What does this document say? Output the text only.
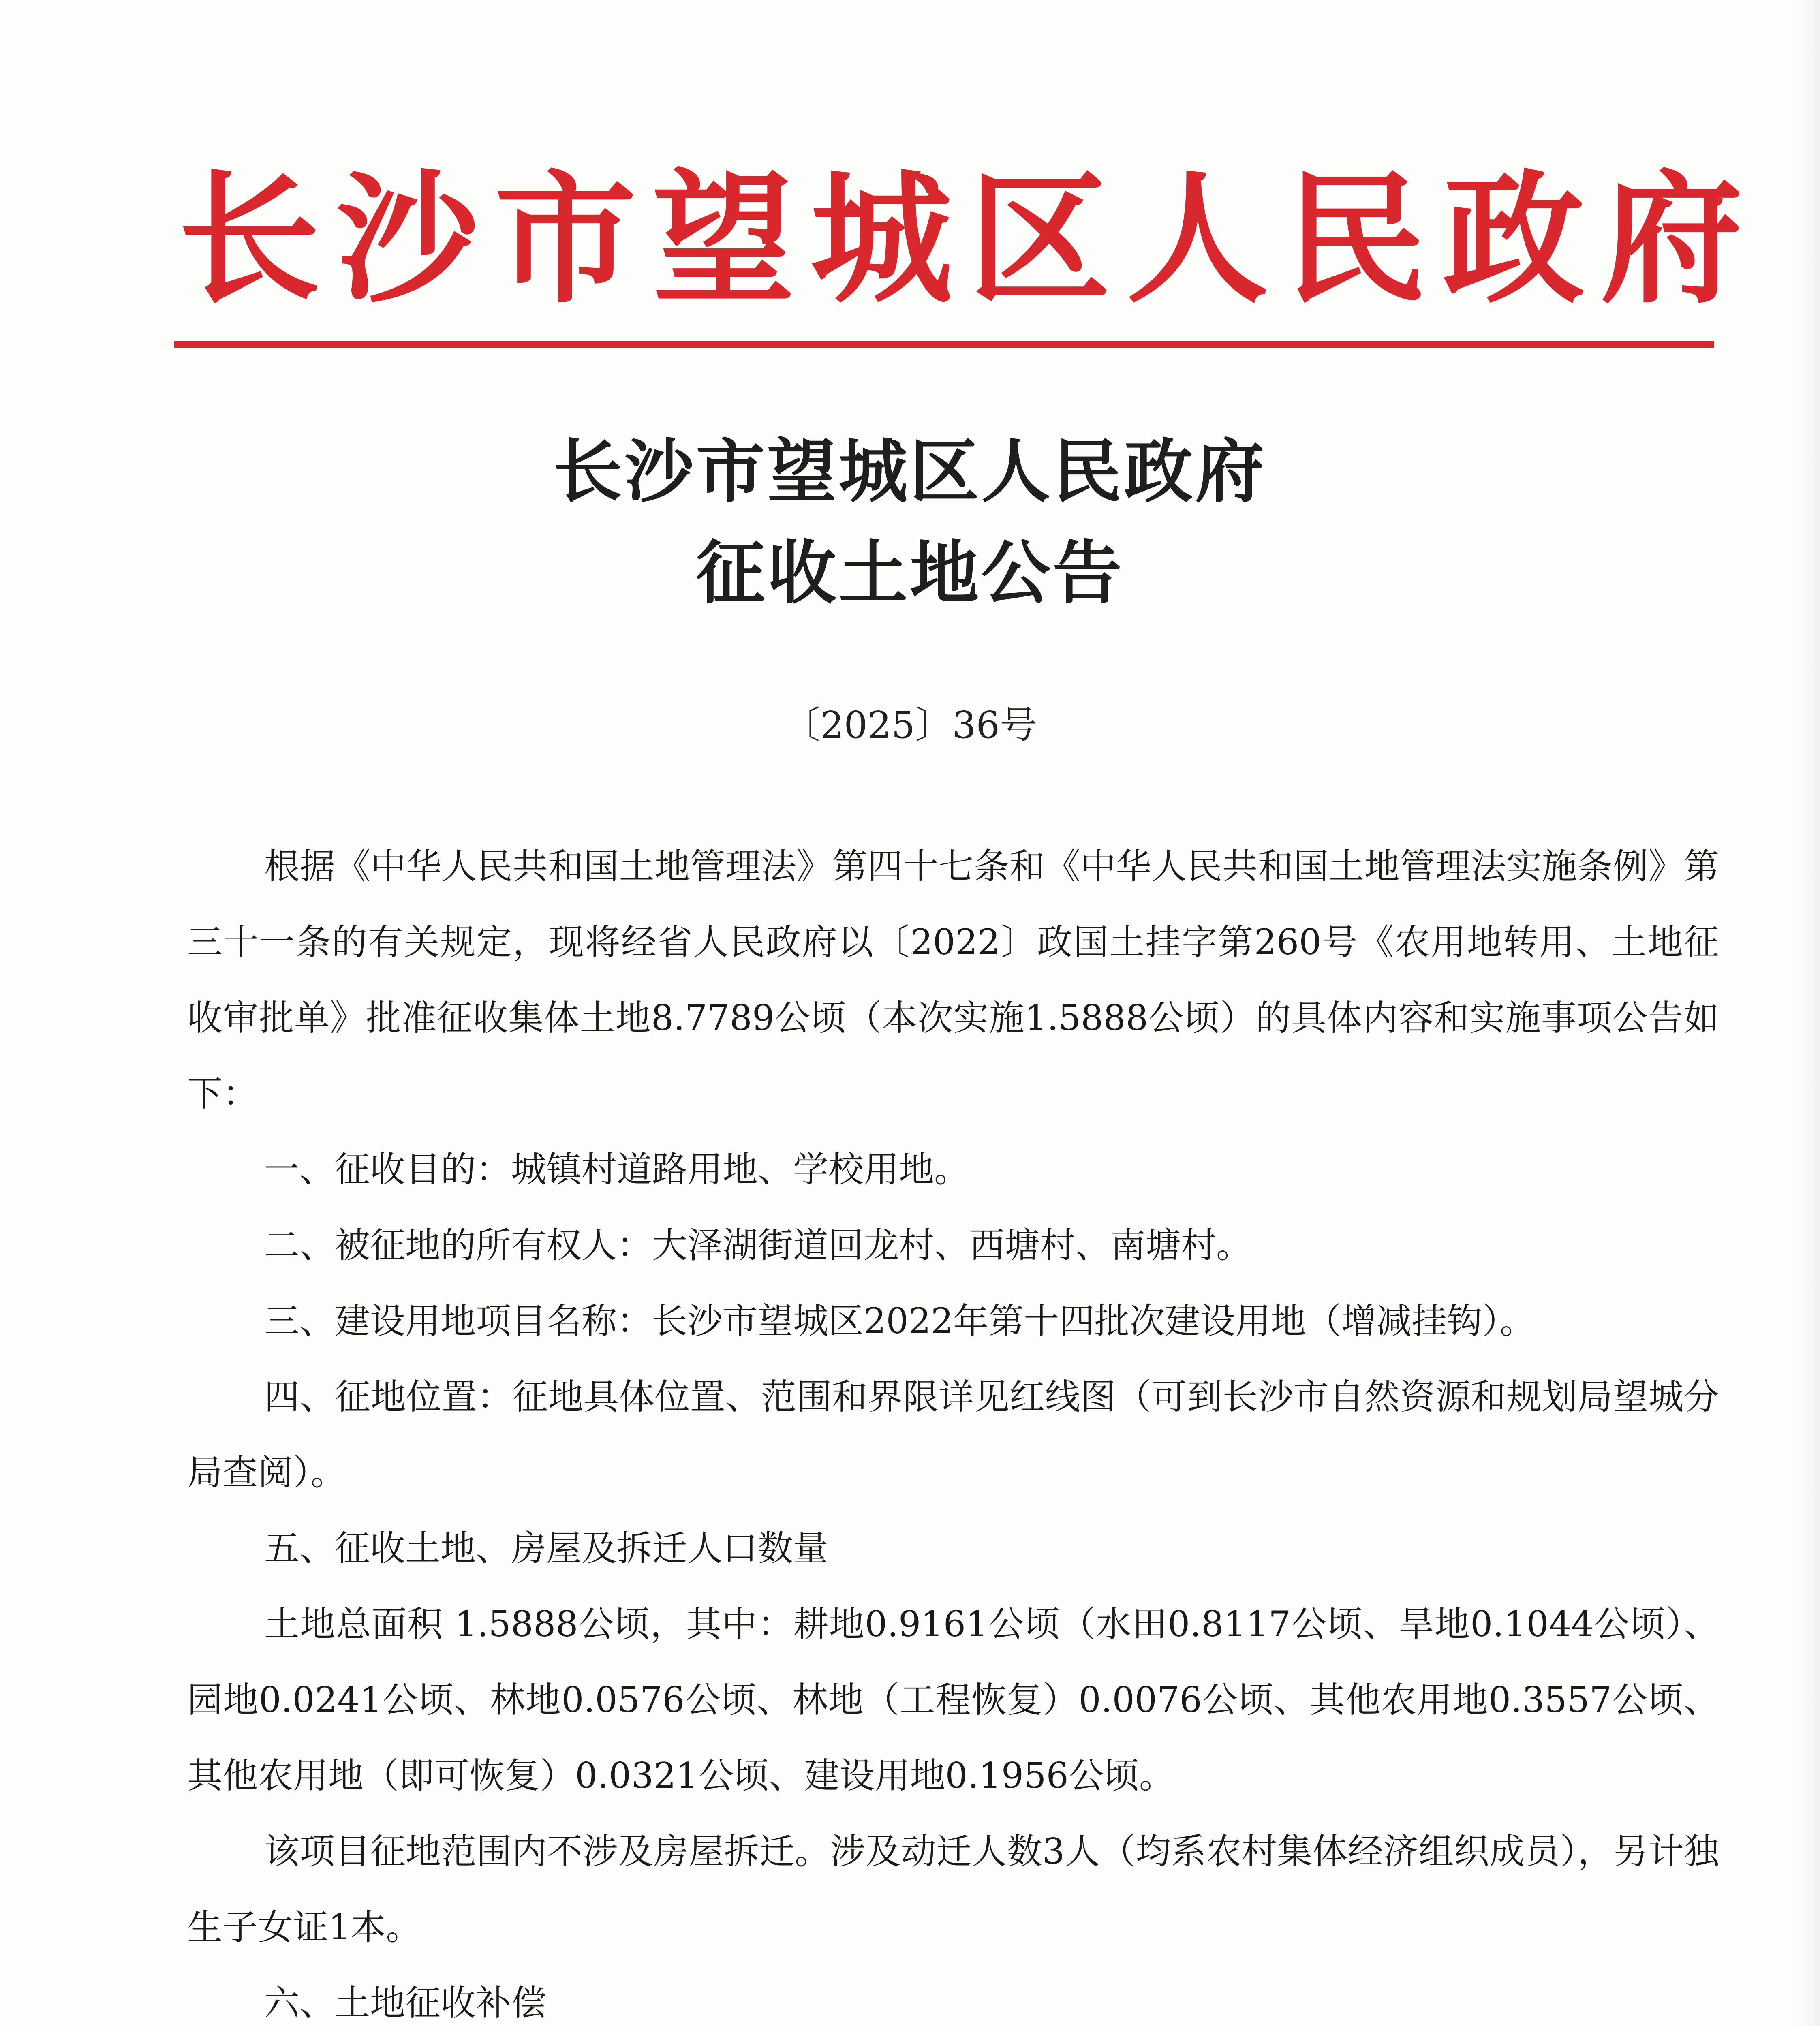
长沙市望城区人民政府
长沙市望城区人民政府
征收土地公告
〔2025〕36号

根据《中华人民共和国土地管理法》第四十七条和《中华人民共和国土地管理法实施条例》第三十一条的有关规定，现将经省人民政府以〔2022〕政国土挂字第260号《农用地转用、土地征收审批单》批准征收集体土地8.7789公顷（本次实施1.5888公顷）的具体内容和实施事项公告如下：

一、征收目的：城镇村道路用地、学校用地。

二、被征地的所有权人：大泽湖街道回龙村、西塘村、南塘村。

三、建设用地项目名称：长沙市望城区2022年第十四批次建设用地（增减挂钩）。

四、征地位置：征地具体位置、范围和界限详见红线图（可到长沙市自然资源和规划局望城分局查阅）。

五、征收土地、房屋及拆迁人口数量

土地总面积 1.5888公顷，其中：耕地0.9161公顷（水田0.8117公顷、旱地0.1044公顷）、园地0.0241公顷、林地0.0576公顷、林地（工程恢复）0.0076公顷、其他农用地0.3557公顷、其他农用地（即可恢复）0.0321公顷、建设用地0.1956公顷。

该项目征地范围内不涉及房屋拆迁。涉及动迁人数3人（均系农村集体经济组织成员），另计独生子女证1本。

六、土地征收补偿
